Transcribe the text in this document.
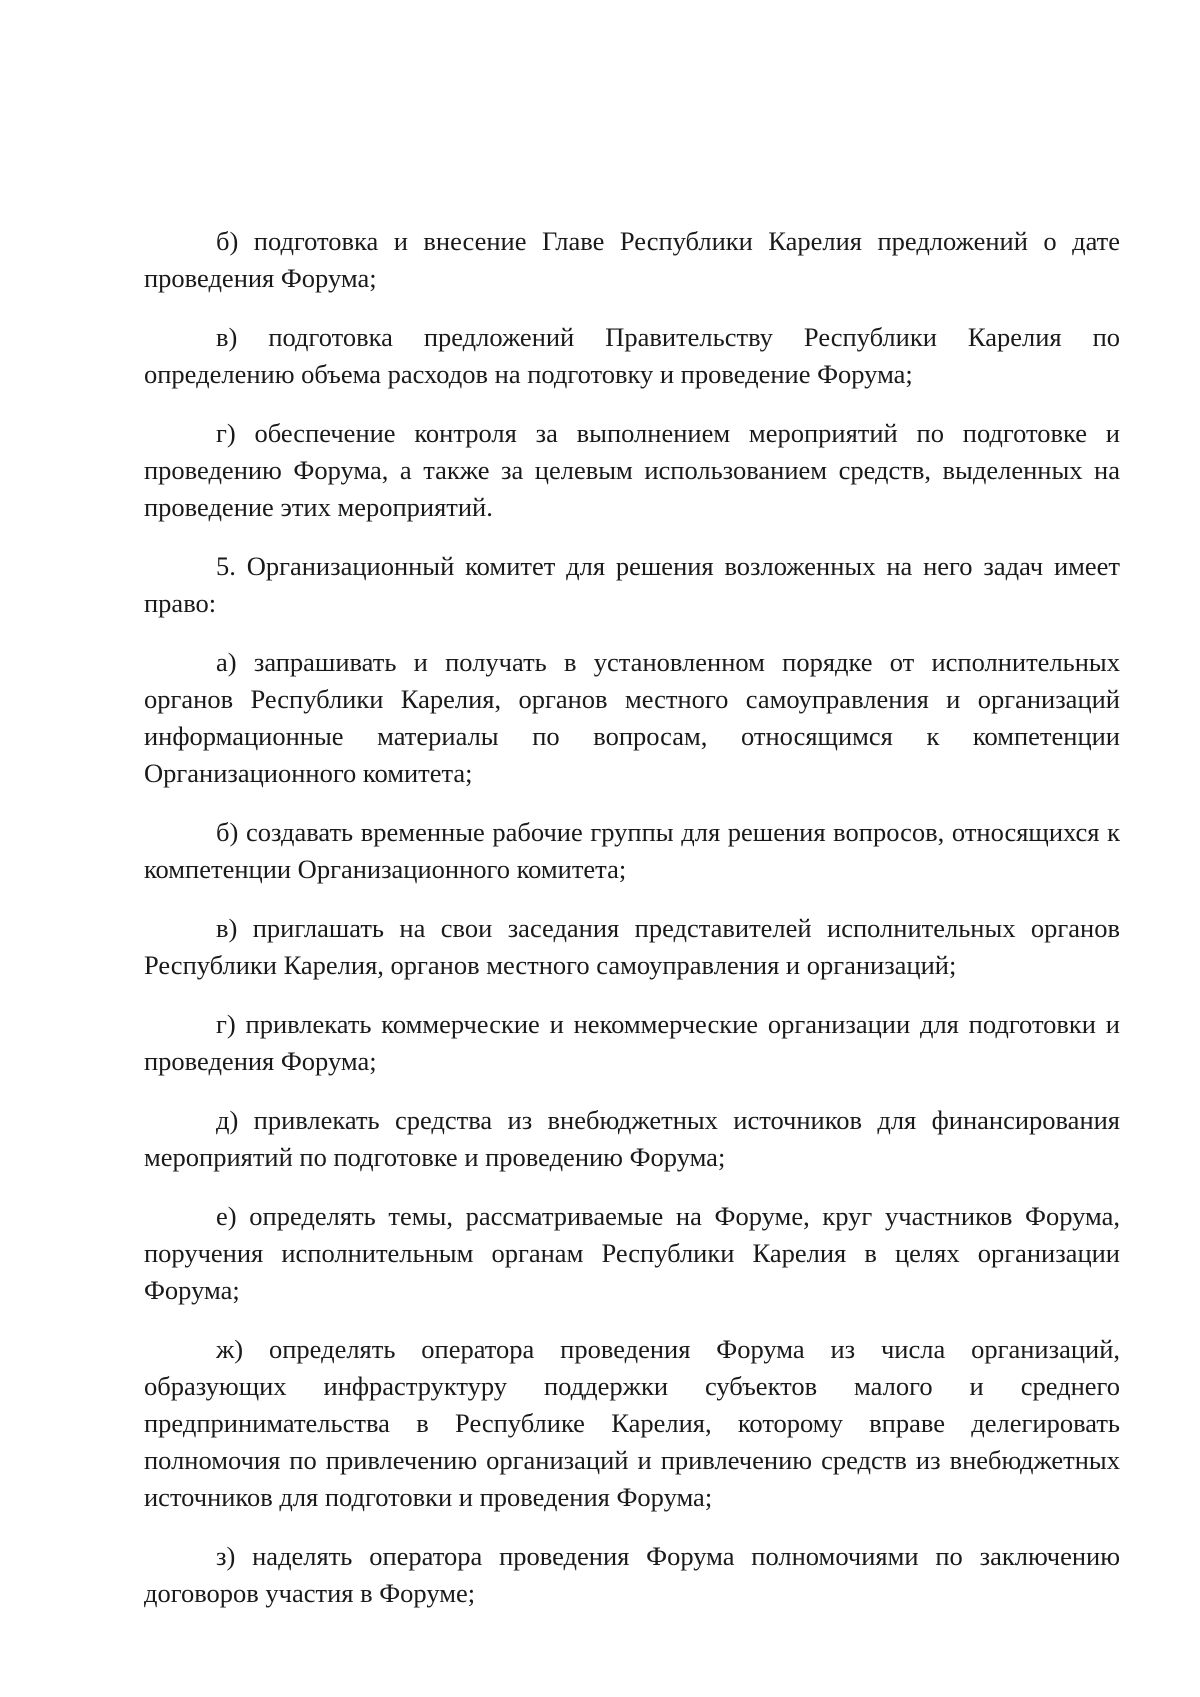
б) подготовка и внесение Главе Республики Карелия предложений о дате проведения Форума;

в) подготовка предложений Правительству Республики Карелия по определению объема расходов на подготовку и проведение Форума;

г) обеспечение контроля за выполнением мероприятий по подготовке и проведению Форума, а также за целевым использованием средств, выделенных на проведение этих мероприятий.

5. Организационный комитет для решения возложенных на него задач имеет право:

а) запрашивать и получать в установленном порядке от исполнительных органов Республики Карелия, органов местного самоуправления и организаций информационные материалы по вопросам, относящимся к компетенции Организационного комитета;

б) создавать временные рабочие группы для решения вопросов, относящихся к компетенции Организационного комитета;

в) приглашать на свои заседания представителей исполнительных органов Республики Карелия, органов местного самоуправления и организаций;

г) привлекать коммерческие и некоммерческие организации для подготовки и проведения Форума;

д) привлекать средства из внебюджетных источников для финансирования мероприятий по подготовке и проведению Форума;

е) определять темы, рассматриваемые на Форуме, круг участников Форума, поручения исполнительным органам Республики Карелия в целях организации Форума;

ж) определять оператора проведения Форума из числа организаций, образующих инфраструктуру поддержки субъектов малого и среднего предпринимательства в Республике Карелия, которому вправе делегировать полномочия по привлечению организаций и привлечению средств из внебюджетных источников для подготовки и проведения Форума;

з) наделять оператора проведения Форума полномочиями по заключению договоров участия в Форуме;
